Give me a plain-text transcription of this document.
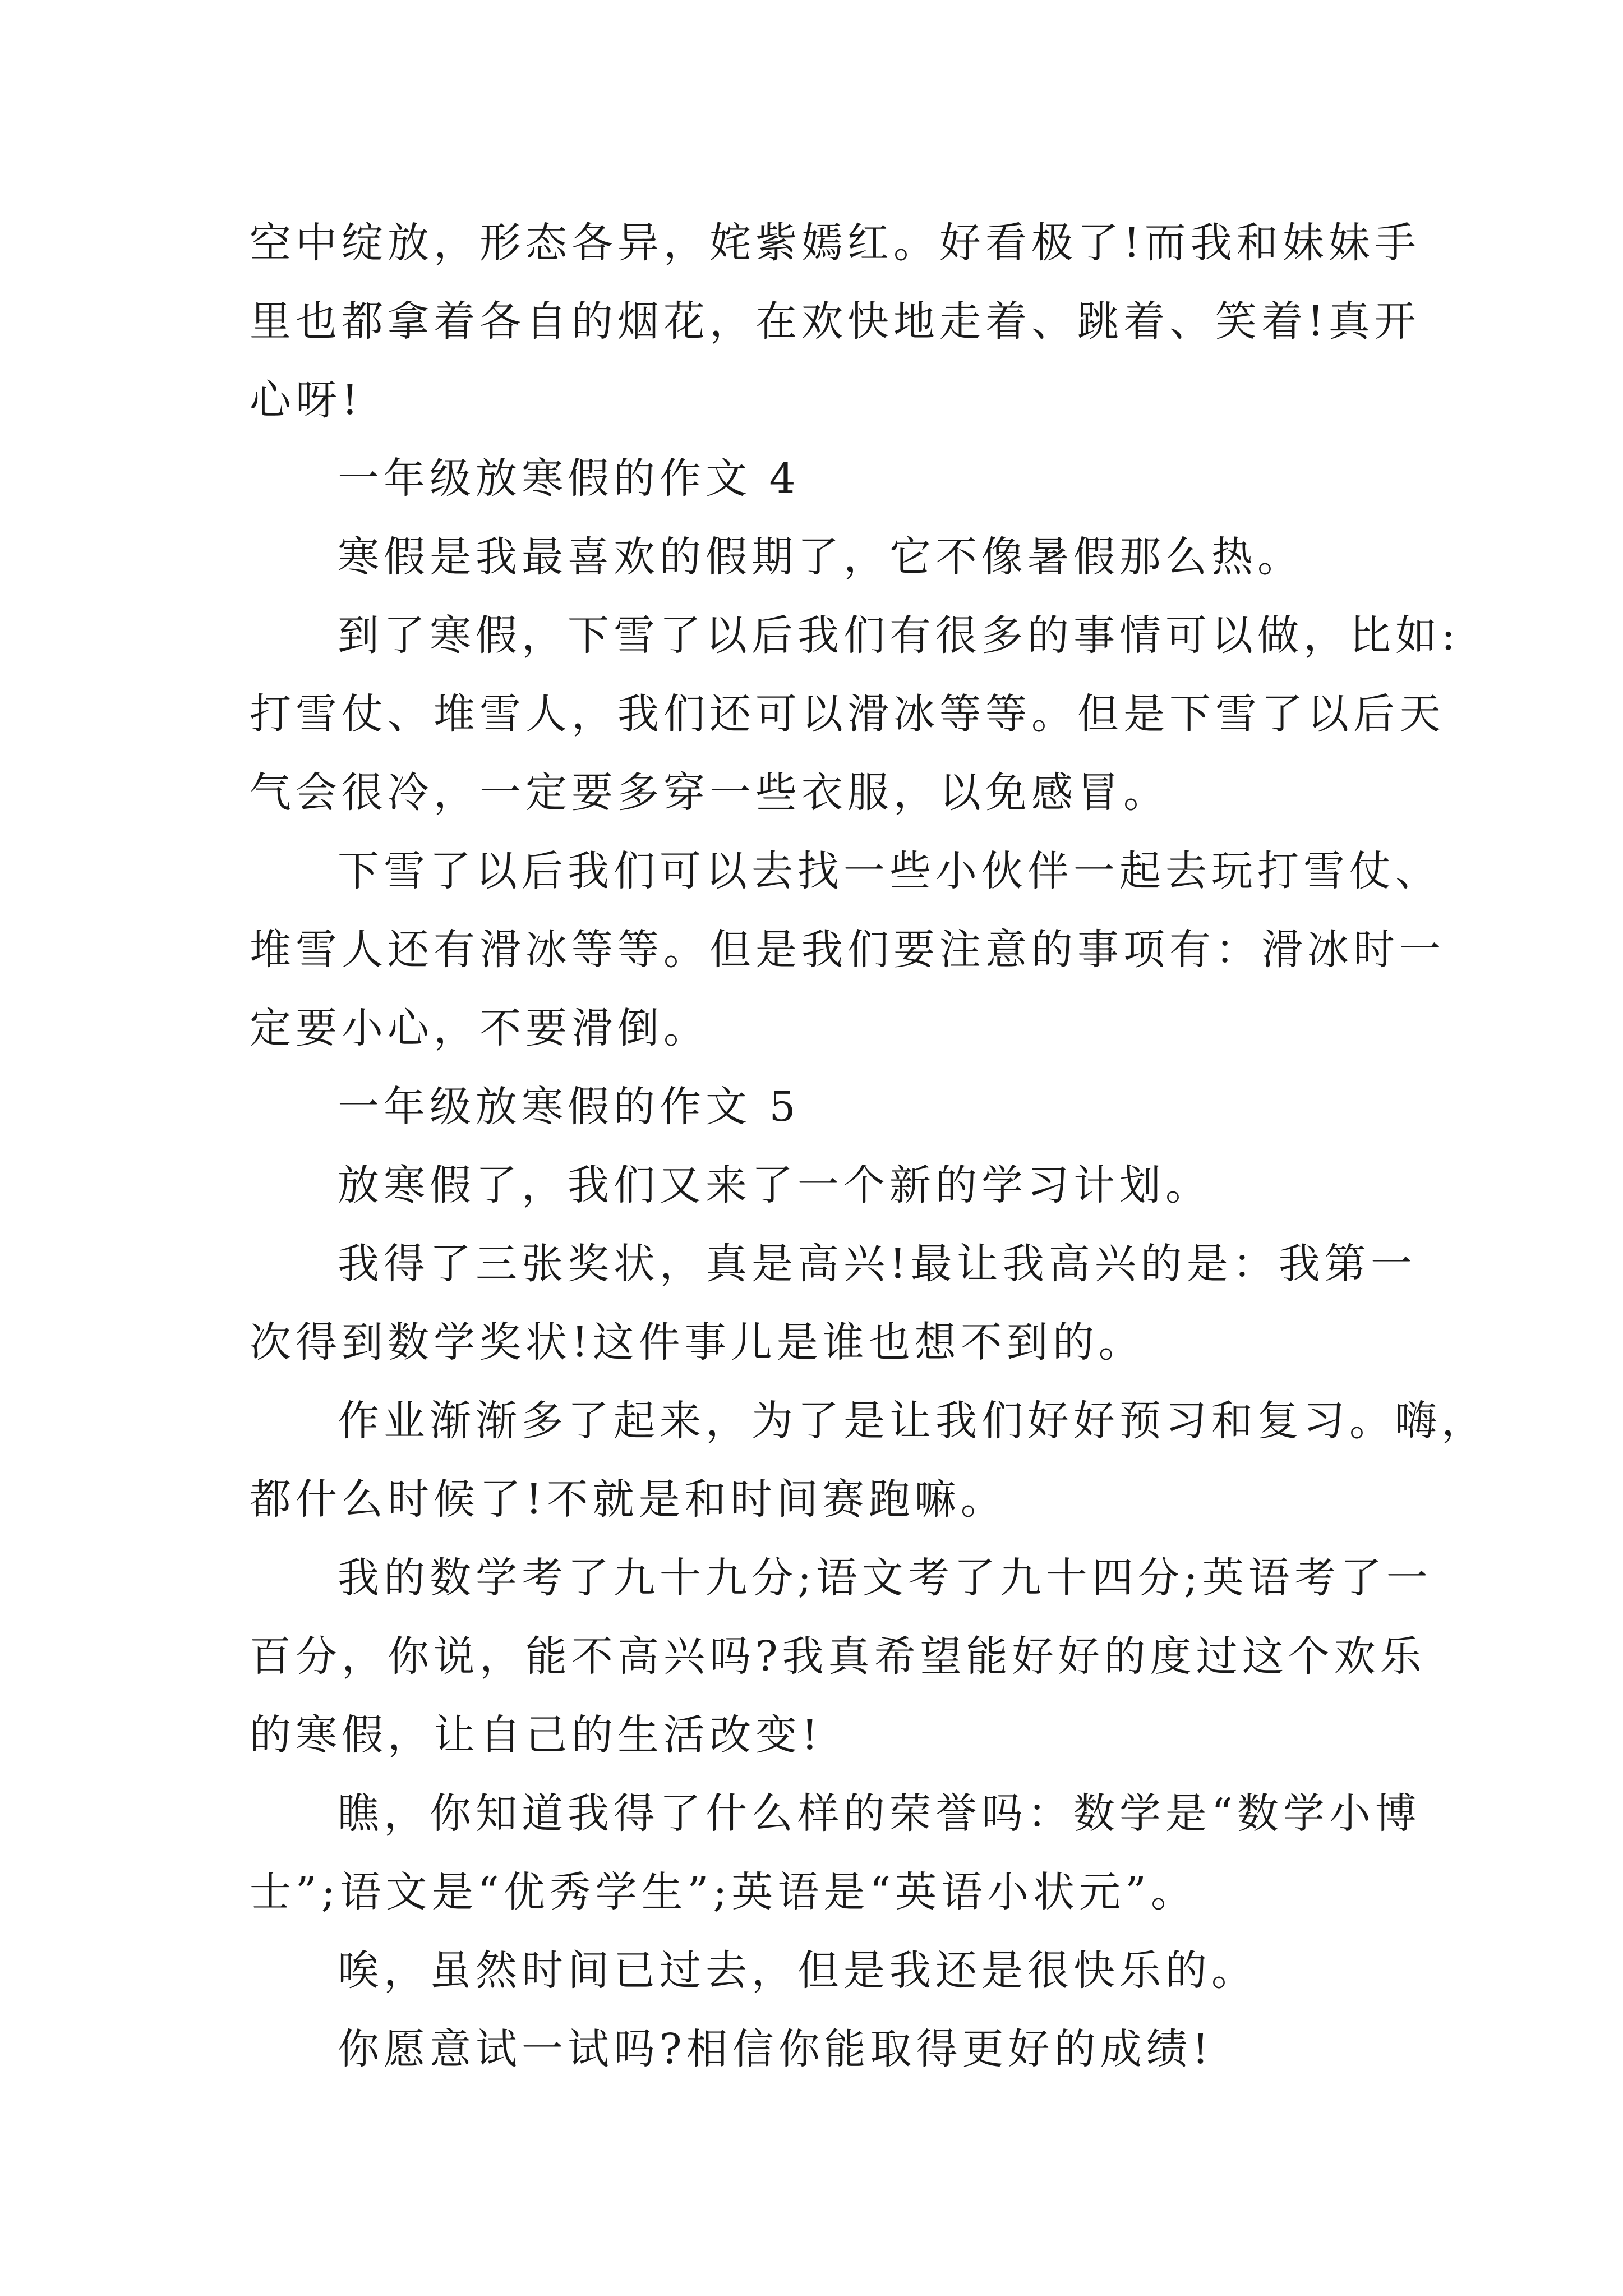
空中绽放，形态各异，姹紫嫣红。好看极了!而我和妹妹手
里也都拿着各自的烟花，在欢快地走着、跳着、笑着!真开
心呀!
一年级放寒假的作文 4
寒假是我最喜欢的假期了，它不像暑假那么热。
到了寒假，下雪了以后我们有很多的事情可以做，比如:
打雪仗、堆雪人，我们还可以滑冰等等。但是下雪了以后天
气会很冷，一定要多穿一些衣服，以免感冒。
下雪了以后我们可以去找一些小伙伴一起去玩打雪仗、
堆雪人还有滑冰等等。但是我们要注意的事项有：滑冰时一
定要小心，不要滑倒。
一年级放寒假的作文 5
放寒假了，我们又来了一个新的学习计划。
我得了三张奖状，真是高兴!最让我高兴的是：我第一
次得到数学奖状!这件事儿是谁也想不到的。
作业渐渐多了起来，为了是让我们好好预习和复习。嗨，
都什么时候了!不就是和时间赛跑嘛。
我的数学考了九十九分;语文考了九十四分;英语考了一
百分，你说，能不高兴吗?我真希望能好好的度过这个欢乐
的寒假，让自己的生活改变!
瞧，你知道我得了什么样的荣誉吗：数学是“数学小博
士”;语文是“优秀学生”;英语是“英语小状元”。
唉，虽然时间已过去，但是我还是很快乐的。
你愿意试一试吗?相信你能取得更好的成绩!
